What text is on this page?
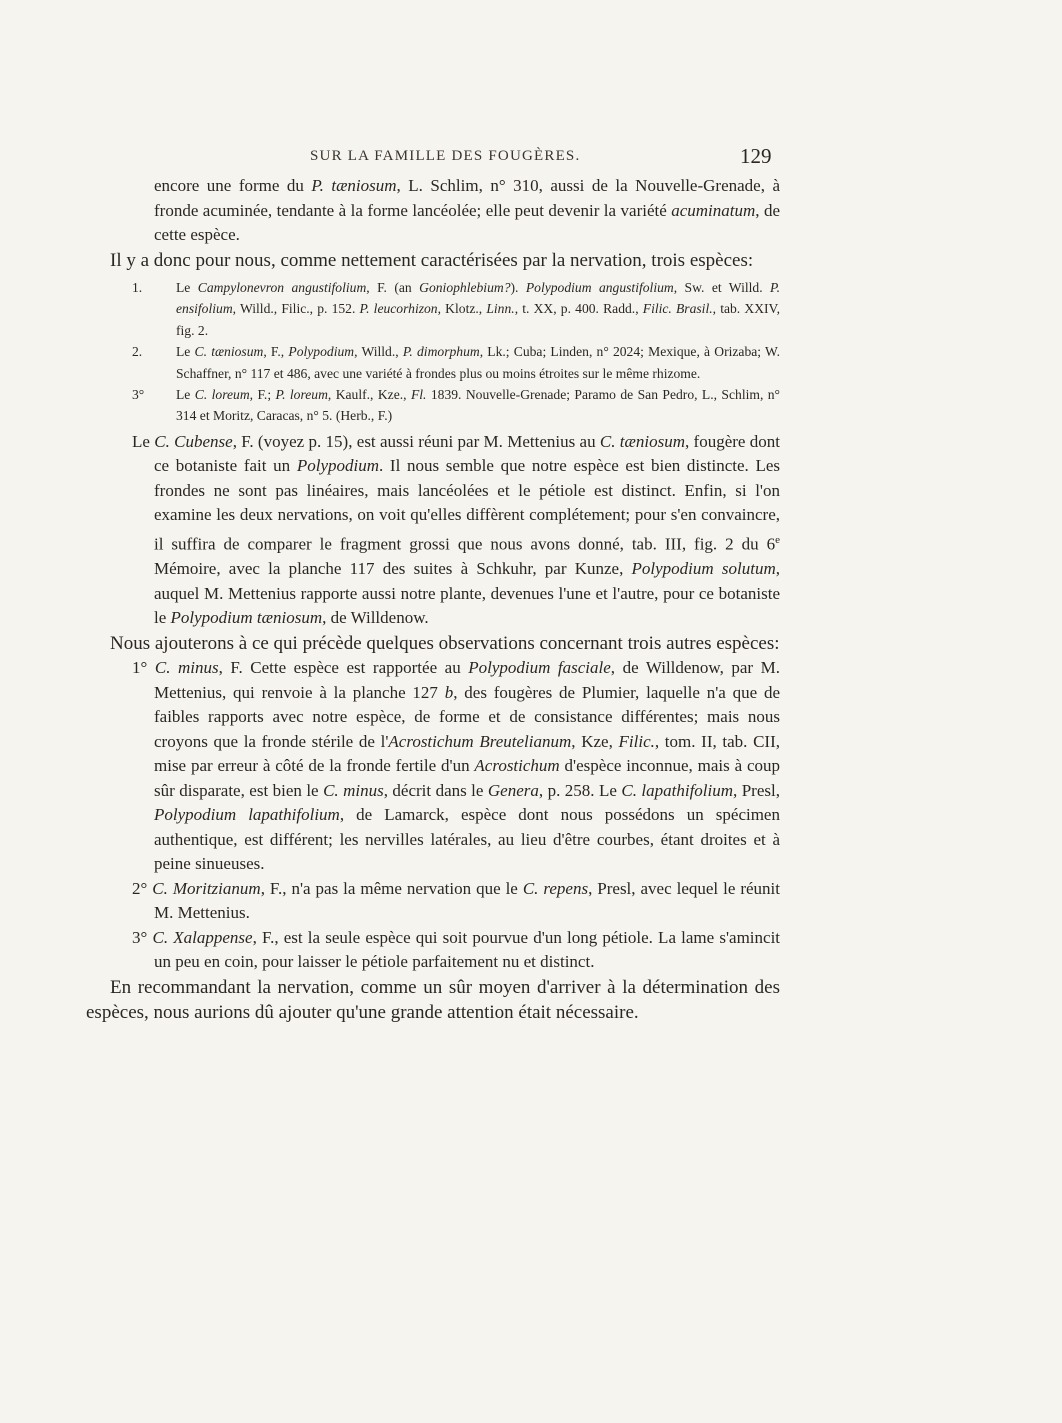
SUR LA FAMILLE DES FOUGÈRES.	129

encore une forme du P. tæniosum, L. Schlim, n° 310, aussi de la Nouvelle-Grenade, à fronde acuminée, tendante à la forme lancéolée; elle peut devenir la variété acuminatum, de cette espèce.

Il y a donc pour nous, comme nettement caractérisées par la nervation, trois espèces:

1. Le Campylonevron angustifolium, F. (an Goniophlebium?). Polypodium angustifolium, Sw. et Willd. P. ensifolium, Willd., Filic., p. 152. P. leucorhizon, Klotz., Linn., t. XX, p. 400. Radd., Filic. Brasil., tab. XXIV, fig. 2.

2. Le C. tæniosum, F., Polypodium, Willd., P. dimorphum, Lk.; Cuba; Linden, n° 2024; Mexique, à Orizaba; W. Schaffner, n° 117 et 486, avec une variété à frondes plus ou moins étroites sur le même rhizome.

3° Le C. loreum, F.; P. loreum, Kaulf., Kze., Fl. 1839. Nouvelle-Grenade; Paramo de San Pedro, L., Schlim, n° 314 et Moritz, Caracas, n° 5. (Herb., F.)

Le C. Cubense, F. (voyez p. 15), est aussi réuni par M. Mettenius au C. tæniosum, fougère dont ce botaniste fait un Polypodium. Il nous semble que notre espèce est bien distincte. Les frondes ne sont pas linéaires, mais lancéolées et le pétiole est distinct. Enfin, si l'on examine les deux nervations, on voit qu'elles diffèrent complétement; pour s'en convaincre, il suffira de comparer le fragment grossi que nous avons donné, tab. III, fig. 2 du 6e Mémoire, avec la planche 117 des suites à Schkuhr, par Kunze, Polypodium solutum, auquel M. Mettenius rapporte aussi notre plante, devenues l'une et l'autre, pour ce botaniste le Polypodium tæniosum, de Willdenow.

Nous ajouterons à ce qui précède quelques observations concernant trois autres espèces:

1° C. minus, F. Cette espèce est rapportée au Polypodium fasciale, de Willdenow, par M. Mettenius, qui renvoie à la planche 127 b, des fougères de Plumier, laquelle n'a que de faibles rapports avec notre espèce, de forme et de consistance différentes; mais nous croyons que la fronde stérile de l'Acrostichum Breutelianum, Kze, Filic., tom. II, tab. CII, mise par erreur à côté de la fronde fertile d'un Acrostichum d'espèce inconnue, mais à coup sûr disparate, est bien le C. minus, décrit dans le Genera, p. 258. Le C. lapathifolium, Presl, Polypodium lapathifolium, de Lamarck, espèce dont nous possédons un spécimen authentique, est différent; les nervilles latérales, au lieu d'être courbes, étant droites et à peine sinueuses.

2° C. Moritzianum, F., n'a pas la même nervation que le C. repens, Presl, avec lequel le réunit M. Mettenius.

3° C. Xalappense, F., est la seule espèce qui soit pourvue d'un long pétiole. La lame s'amincit un peu en coin, pour laisser le pétiole parfaitement nu et distinct.

En recommandant la nervation, comme un sûr moyen d'arriver à la détermination des espèces, nous aurions dû ajouter qu'une grande attention était nécessaire.
